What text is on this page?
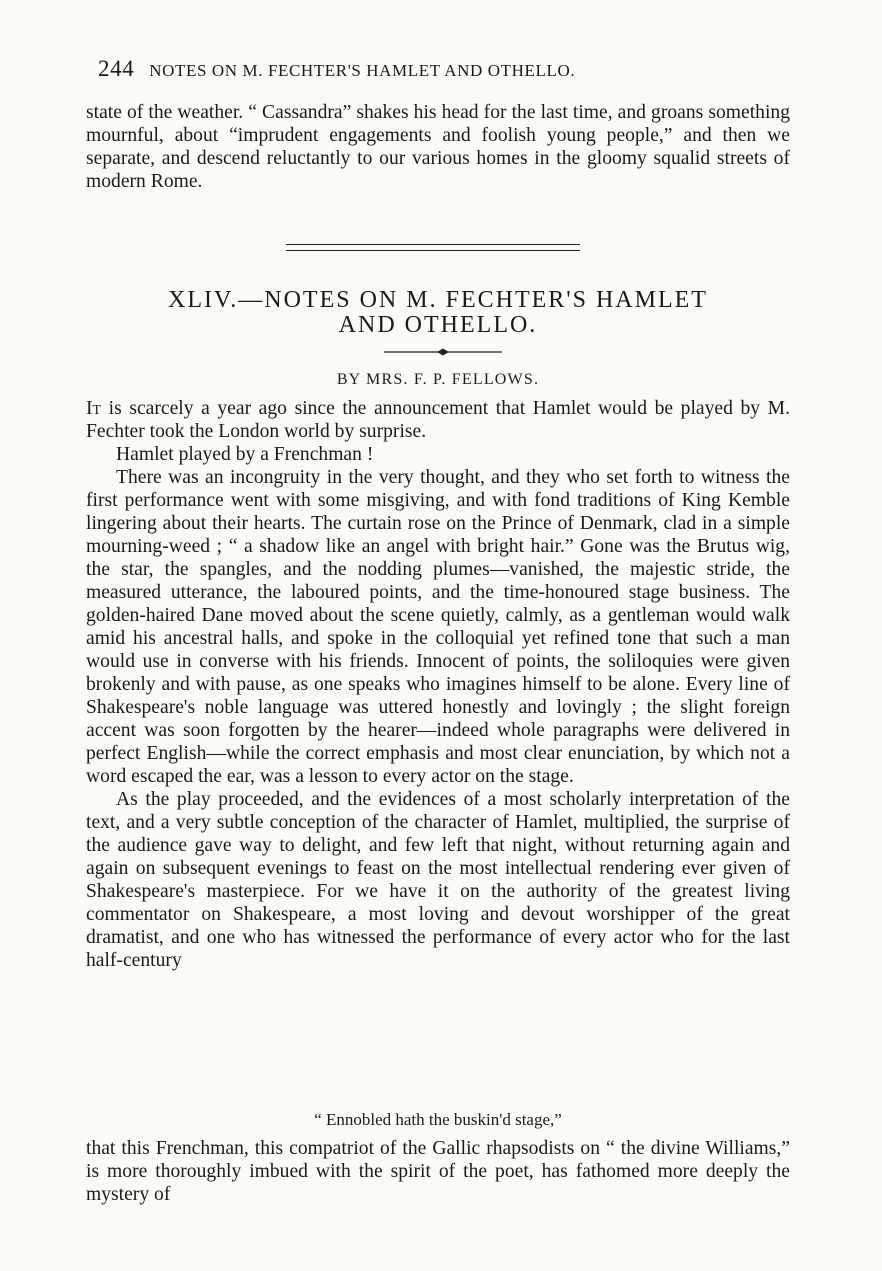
244 NOTES ON M. FECHTER'S HAMLET AND OTHELLO.

state of the weather. “ Cassandra” shakes his head for the last time, and groans something mournful, about “imprudent engagements and foolish young people,” and then we separate, and descend reluctantly to our various homes in the gloomy squalid streets of modern Rome.

XLIV.—NOTES ON M. FECHTER'S HAMLET
AND OTHELLO.
BY MRS. F. P. FELLOWS.

It is scarcely a year ago since the announcement that Hamlet would be played by M. Fechter took the London world by surprise.

Hamlet played by a Frenchman !

There was an incongruity in the very thought, and they who set forth to witness the first performance went with some misgiving, and with fond traditions of King Kemble lingering about their hearts. The curtain rose on the Prince of Denmark, clad in a simple mourning-weed ; “ a shadow like an angel with bright hair.” Gone was the Brutus wig, the star, the spangles, and the nodding plumes—vanished, the majestic stride, the measured utterance, the laboured points, and the time-honoured stage business. The golden-haired Dane moved about the scene quietly, calmly, as a gentleman would walk amid his ancestral halls, and spoke in the colloquial yet refined tone that such a man would use in converse with his friends. Innocent of points, the soliloquies were given brokenly and with pause, as one speaks who imagines himself to be alone. Every line of Shakespeare's noble language was uttered honestly and lovingly ; the slight foreign accent was soon forgotten by the hearer—indeed whole paragraphs were delivered in perfect English—while the correct emphasis and most clear enunciation, by which not a word escaped the ear, was a lesson to every actor on the stage.

As the play proceeded, and the evidences of a most scholarly interpretation of the text, and a very subtle conception of the character of Hamlet, multiplied, the surprise of the audience gave way to delight, and few left that night, without returning again and again on subsequent evenings to feast on the most intellectual rendering ever given of Shakespeare's masterpiece. For we have it on the authority of the greatest living commentator on Shakespeare, a most loving and devout worshipper of the great dramatist, and one who has witnessed the performance of every actor who for the last half-century

“ Ennobled hath the buskin'd stage,”

that this Frenchman, this compatriot of the Gallic rhapsodists on “ the divine Williams,” is more thoroughly imbued with the spirit of the poet, has fathomed more deeply the mystery of
